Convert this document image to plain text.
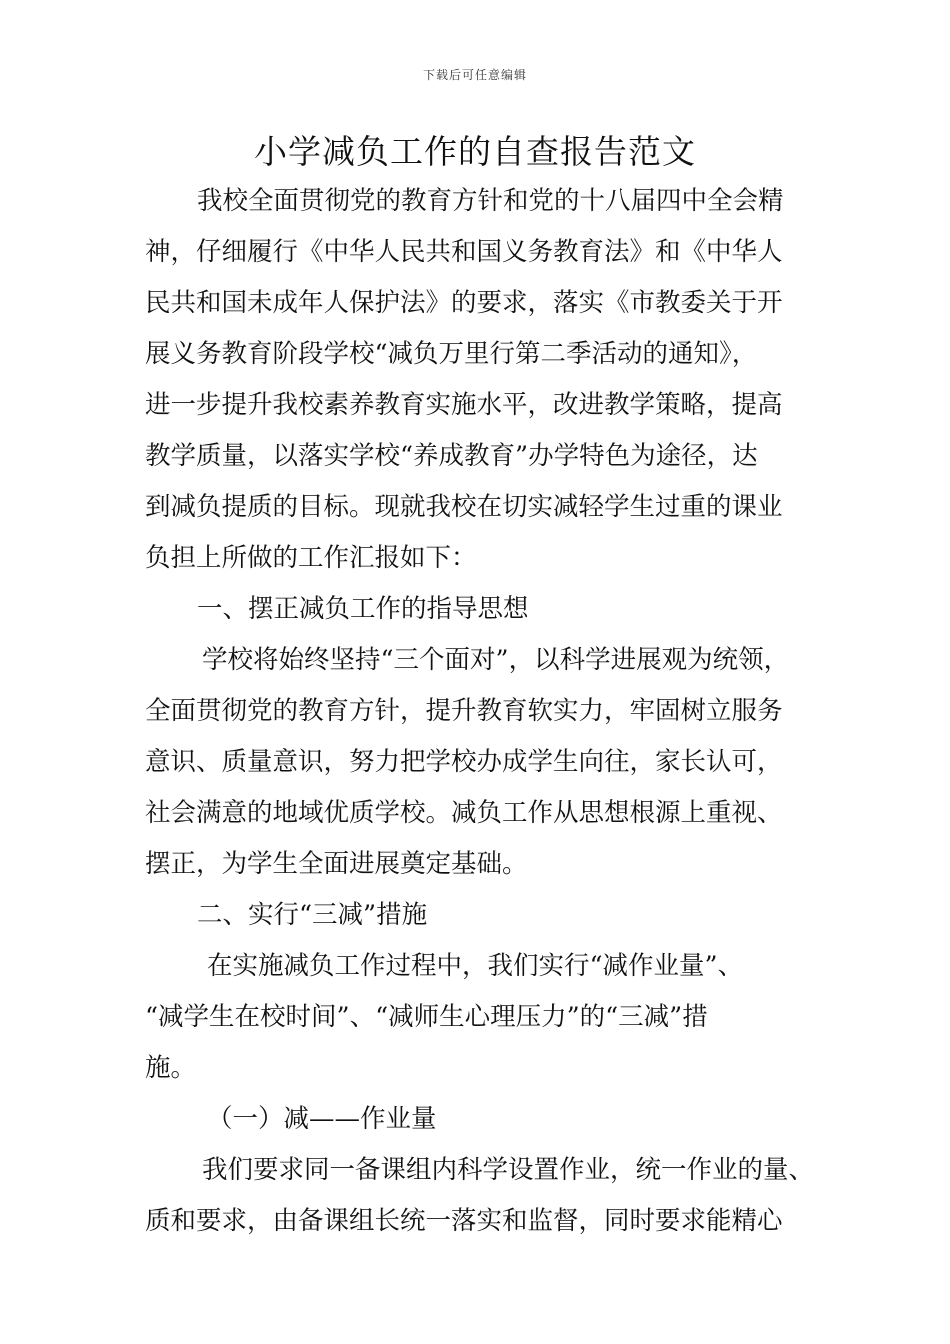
下载后可任意编辑
小学减负工作的自查报告范文

我校全面贯彻党的教育方针和党的十八届四中全会精
神，仔细履行《中华人民共和国义务教育法》和《中华人
民共和国未成年人保护法》的要求，落实《市教委关于开
展义务教育阶段学校“减负万里行第二季活动的通知》，
进一步提升我校素养教育实施水平，改进教学策略，提高
教学质量，以落实学校“养成教育”办学特色为途径，达
到减负提质的目标。现就我校在切实减轻学生过重的课业
负担上所做的工作汇报如下：

一、摆正减负工作的指导思想
学校将始终坚持“三个面对”，以科学进展观为统领，
全面贯彻党的教育方针，提升教育软实力，牢固树立服务
意识、质量意识，努力把学校办成学生向往，家长认可，
社会满意的地域优质学校。减负工作从思想根源上重视、
摆正，为学生全面进展奠定基础。

二、实行“三减”措施
在实施减负工作过程中，我们实行“减作业量”、
“减学生在校时间”、“减师生心理压力”的“三减”措
施。

（一）减——作业量
我们要求同一备课组内科学设置作业，统一作业的量、
质和要求，由备课组长统一落实和监督，同时要求能精心
